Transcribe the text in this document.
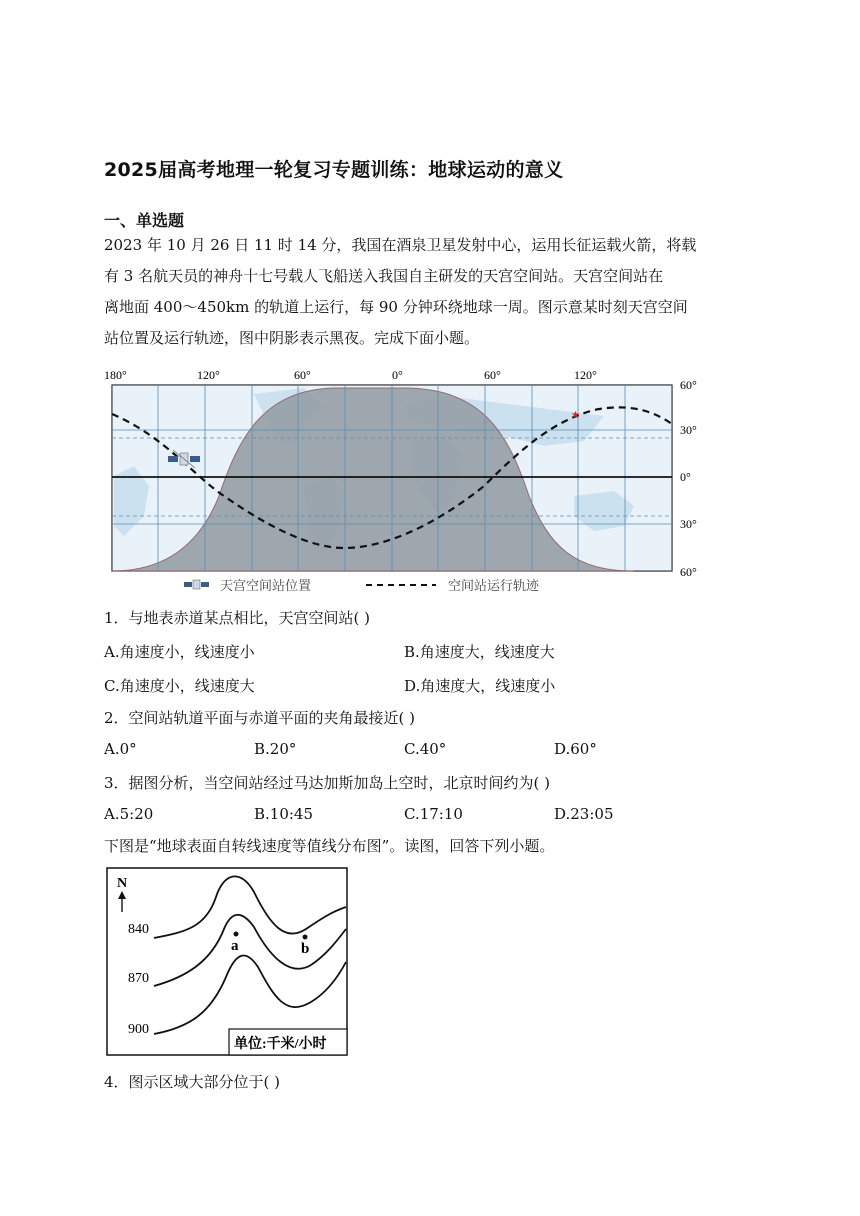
2025届高考地理一轮复习专题训练：地球运动的意义
一、单选题
2023 年 10 月 26 日 11 时 14 分，我国在酒泉卫星发射中心，运用长征运载火箭，将载
有 3 名航天员的神舟十七号载人飞船送入我国自主研发的天宫空间站。天宫空间站在
离地面 400～450km 的轨道上运行，每 90 分钟环绕地球一周。图示意某时刻天宫空间
站位置及运行轨迹，图中阴影表示黑夜。完成下面小题。
180°	120°	60°	0°	60°	120°
★
60°
30°
0°
30°
60°
天宫空间站位置	空间站运行轨迹
1．与地表赤道某点相比，天宫空间站( )
A.角速度小，线速度小	B.角速度大，线速度大
C.角速度小，线速度大	D.角速度大，线速度小
2．空间站轨道平面与赤道平面的夹角最接近( )
A.0°	B.20°	C.40°	D.60°
3．据图分析，当空间站经过马达加斯加岛上空时，北京时间约为( )
A.5:20	B.10:45	C.17:10	D.23:05
下图是“地球表面自转线速度等值线分布图”。读图，回答下列小题。
N
840
870
900
a	b
单位:千米/小时
4．图示区域大部分位于( )
